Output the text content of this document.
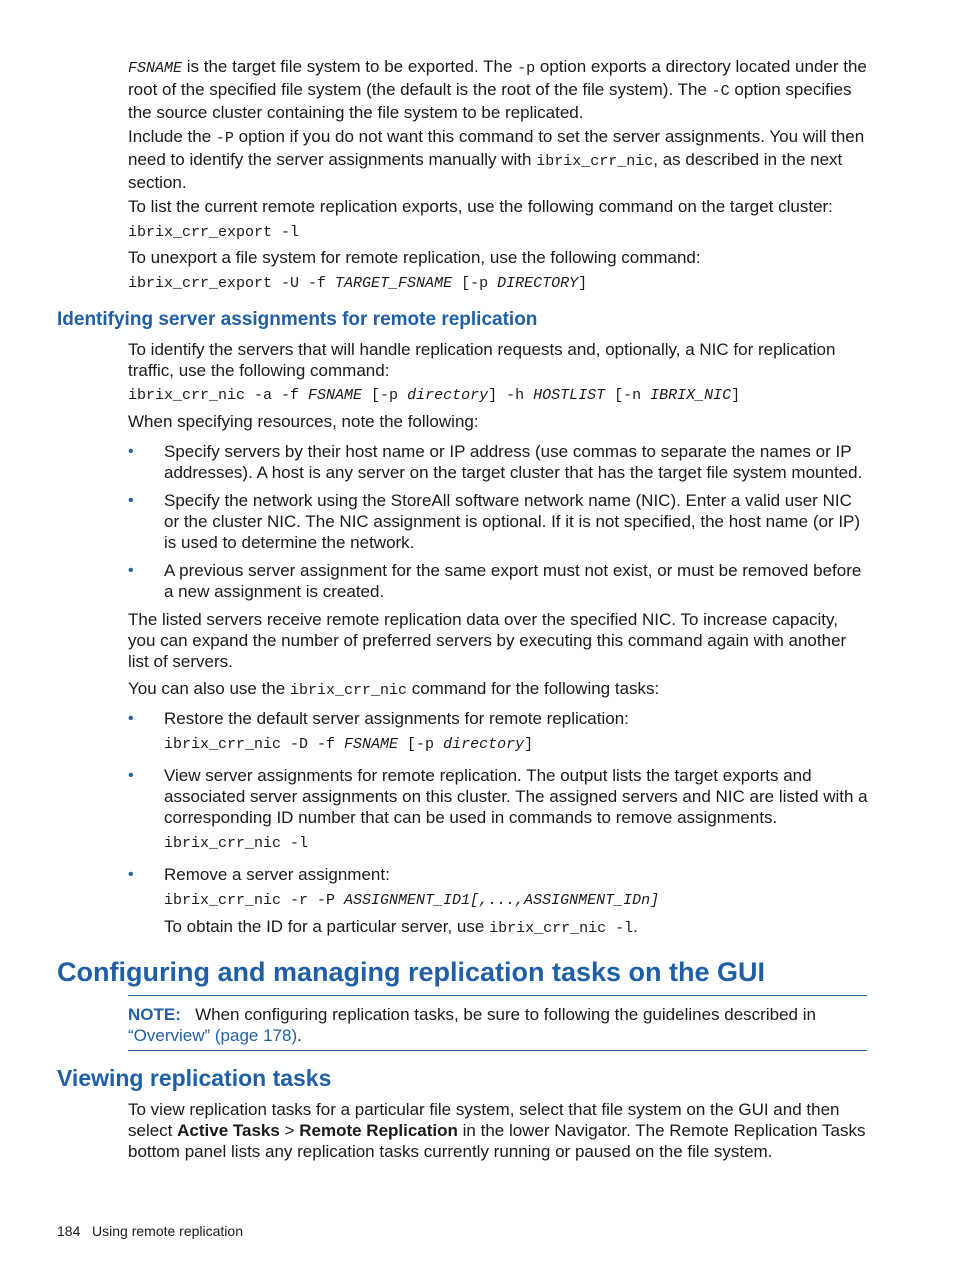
FSNAME is the target file system to be exported. The -p option exports a directory located under the root of the specified file system (the default is the root of the file system). The -C option specifies the source cluster containing the file system to be replicated.

Include the -P option if you do not want this command to set the server assignments. You will then need to identify the server assignments manually with ibrix_crr_nic, as described in the next section.

To list the current remote replication exports, use the following command on the target cluster:

ibrix_crr_export -l

To unexport a file system for remote replication, use the following command:

ibrix_crr_export -U -f TARGET_FSNAME [-p DIRECTORY]

Identifying server assignments for remote replication

To identify the servers that will handle replication requests and, optionally, a NIC for replication traffic, use the following command:

ibrix_crr_nic -a -f FSNAME [-p directory] -h HOSTLIST [-n IBRIX_NIC]

When specifying resources, note the following:

• Specify servers by their host name or IP address (use commas to separate the names or IP addresses). A host is any server on the target cluster that has the target file system mounted.

• Specify the network using the StoreAll software network name (NIC). Enter a valid user NIC or the cluster NIC. The NIC assignment is optional. If it is not specified, the host name (or IP) is used to determine the network.

• A previous server assignment for the same export must not exist, or must be removed before a new assignment is created.

The listed servers receive remote replication data over the specified NIC. To increase capacity, you can expand the number of preferred servers by executing this command again with another list of servers.

You can also use the ibrix_crr_nic command for the following tasks:

• Restore the default server assignments for remote replication:

ibrix_crr_nic -D -f FSNAME [-p directory]

• View server assignments for remote replication. The output lists the target exports and associated server assignments on this cluster. The assigned servers and NIC are listed with a corresponding ID number that can be used in commands to remove assignments.

ibrix_crr_nic -l

• Remove a server assignment:

ibrix_crr_nic -r -P ASSIGNMENT_ID1[,...,ASSIGNMENT_IDn]

To obtain the ID for a particular server, use ibrix_crr_nic -l.

Configuring and managing replication tasks on the GUI

NOTE: When configuring replication tasks, be sure to following the guidelines described in “Overview” (page 178).

Viewing replication tasks

To view replication tasks for a particular file system, select that file system on the GUI and then select Active Tasks > Remote Replication in the lower Navigator. The Remote Replication Tasks bottom panel lists any replication tasks currently running or paused on the file system.

184 Using remote replication
